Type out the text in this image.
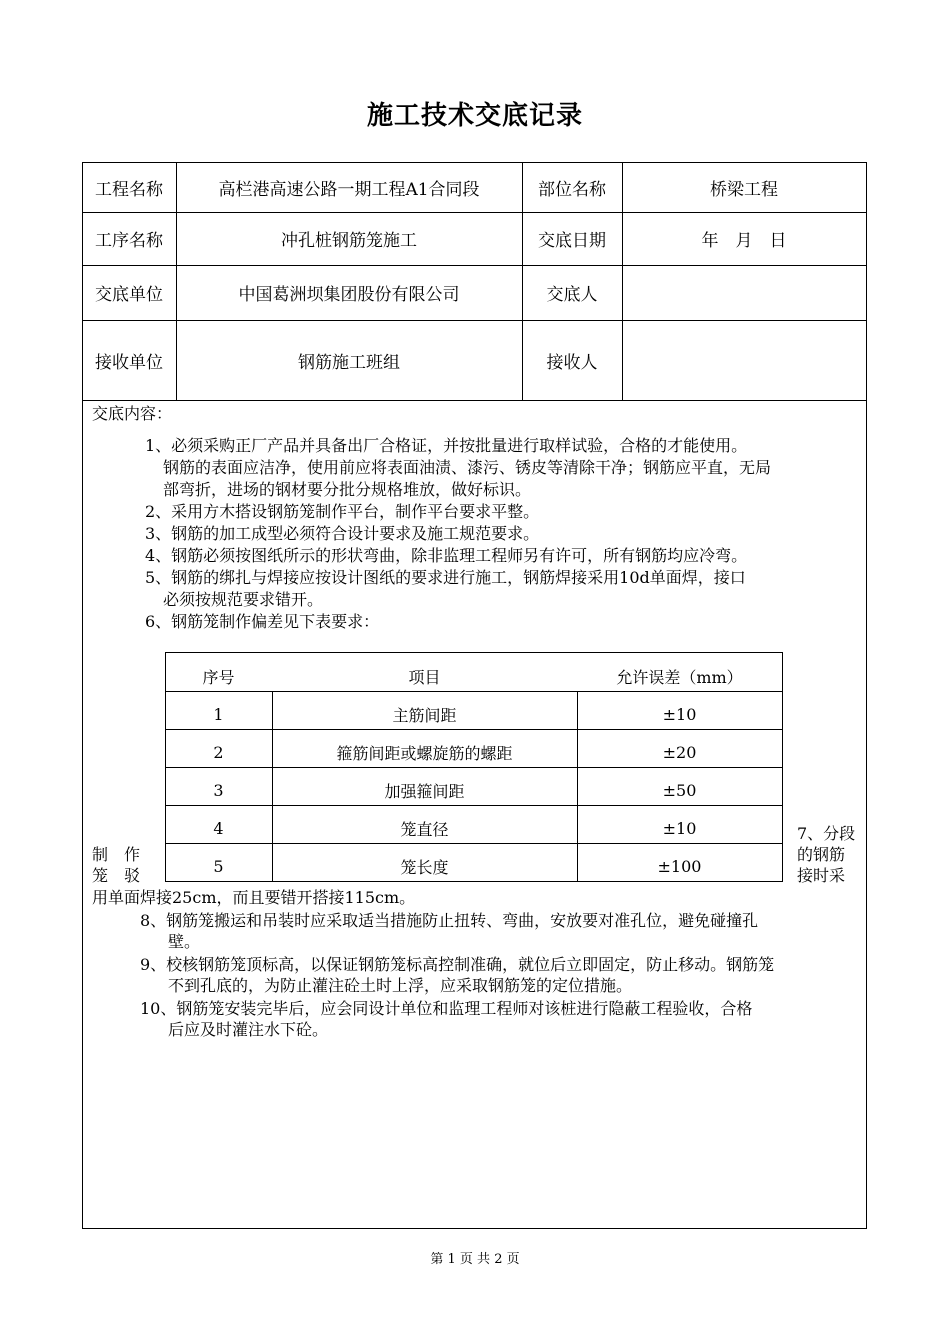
施工技术交底记录
工程名称	高栏港高速公路一期工程A1合同段	部位名称	桥梁工程
工序名称	冲孔桩钢筋笼施工	交底日期	年　月　日
交底单位	中国葛洲坝集团股份有限公司	交底人
接收单位	钢筋施工班组	接收人
交底内容：
1、必须采购正厂产品并具备出厂合格证，并按批量进行取样试验，合格的才能使用。
钢筋的表面应洁净，使用前应将表面油渍、漆污、锈皮等清除干净；钢筋应平直，无局
部弯折，进场的钢材要分批分规格堆放，做好标识。
2、采用方木搭设钢筋笼制作平台，制作平台要求平整。
3、钢筋的加工成型必须符合设计要求及施工规范要求。
4、钢筋必须按图纸所示的形状弯曲，除非监理工程师另有许可，所有钢筋均应冷弯。
5、钢筋的绑扎与焊接应按设计图纸的要求进行施工，钢筋焊接采用10d单面焊，接口
必须按规范要求错开。
6、钢筋笼制作偏差见下表要求：
序号	项目	允许误差（mm）
1	主筋间距	±10
2	箍筋间距或螺旋筋的螺距	±20
3	加强箍间距	±50
4	笼直径	±10
5	笼长度	±100
制　作
笼　驳
7、分段
的钢筋
接时采
用单面焊接25cm，而且要错开搭接115cm。
8、钢筋笼搬运和吊装时应采取适当措施防止扭转、弯曲，安放要对准孔位，避免碰撞孔
壁。
9、校核钢筋笼顶标高，以保证钢筋笼标高控制准确，就位后立即固定，防止移动。钢筋笼
不到孔底的，为防止灌注砼土时上浮，应采取钢筋笼的定位措施。
10、钢筋笼安装完毕后，应会同设计单位和监理工程师对该桩进行隐蔽工程验收，合格
后应及时灌注水下砼。
第 1 页 共 2 页
